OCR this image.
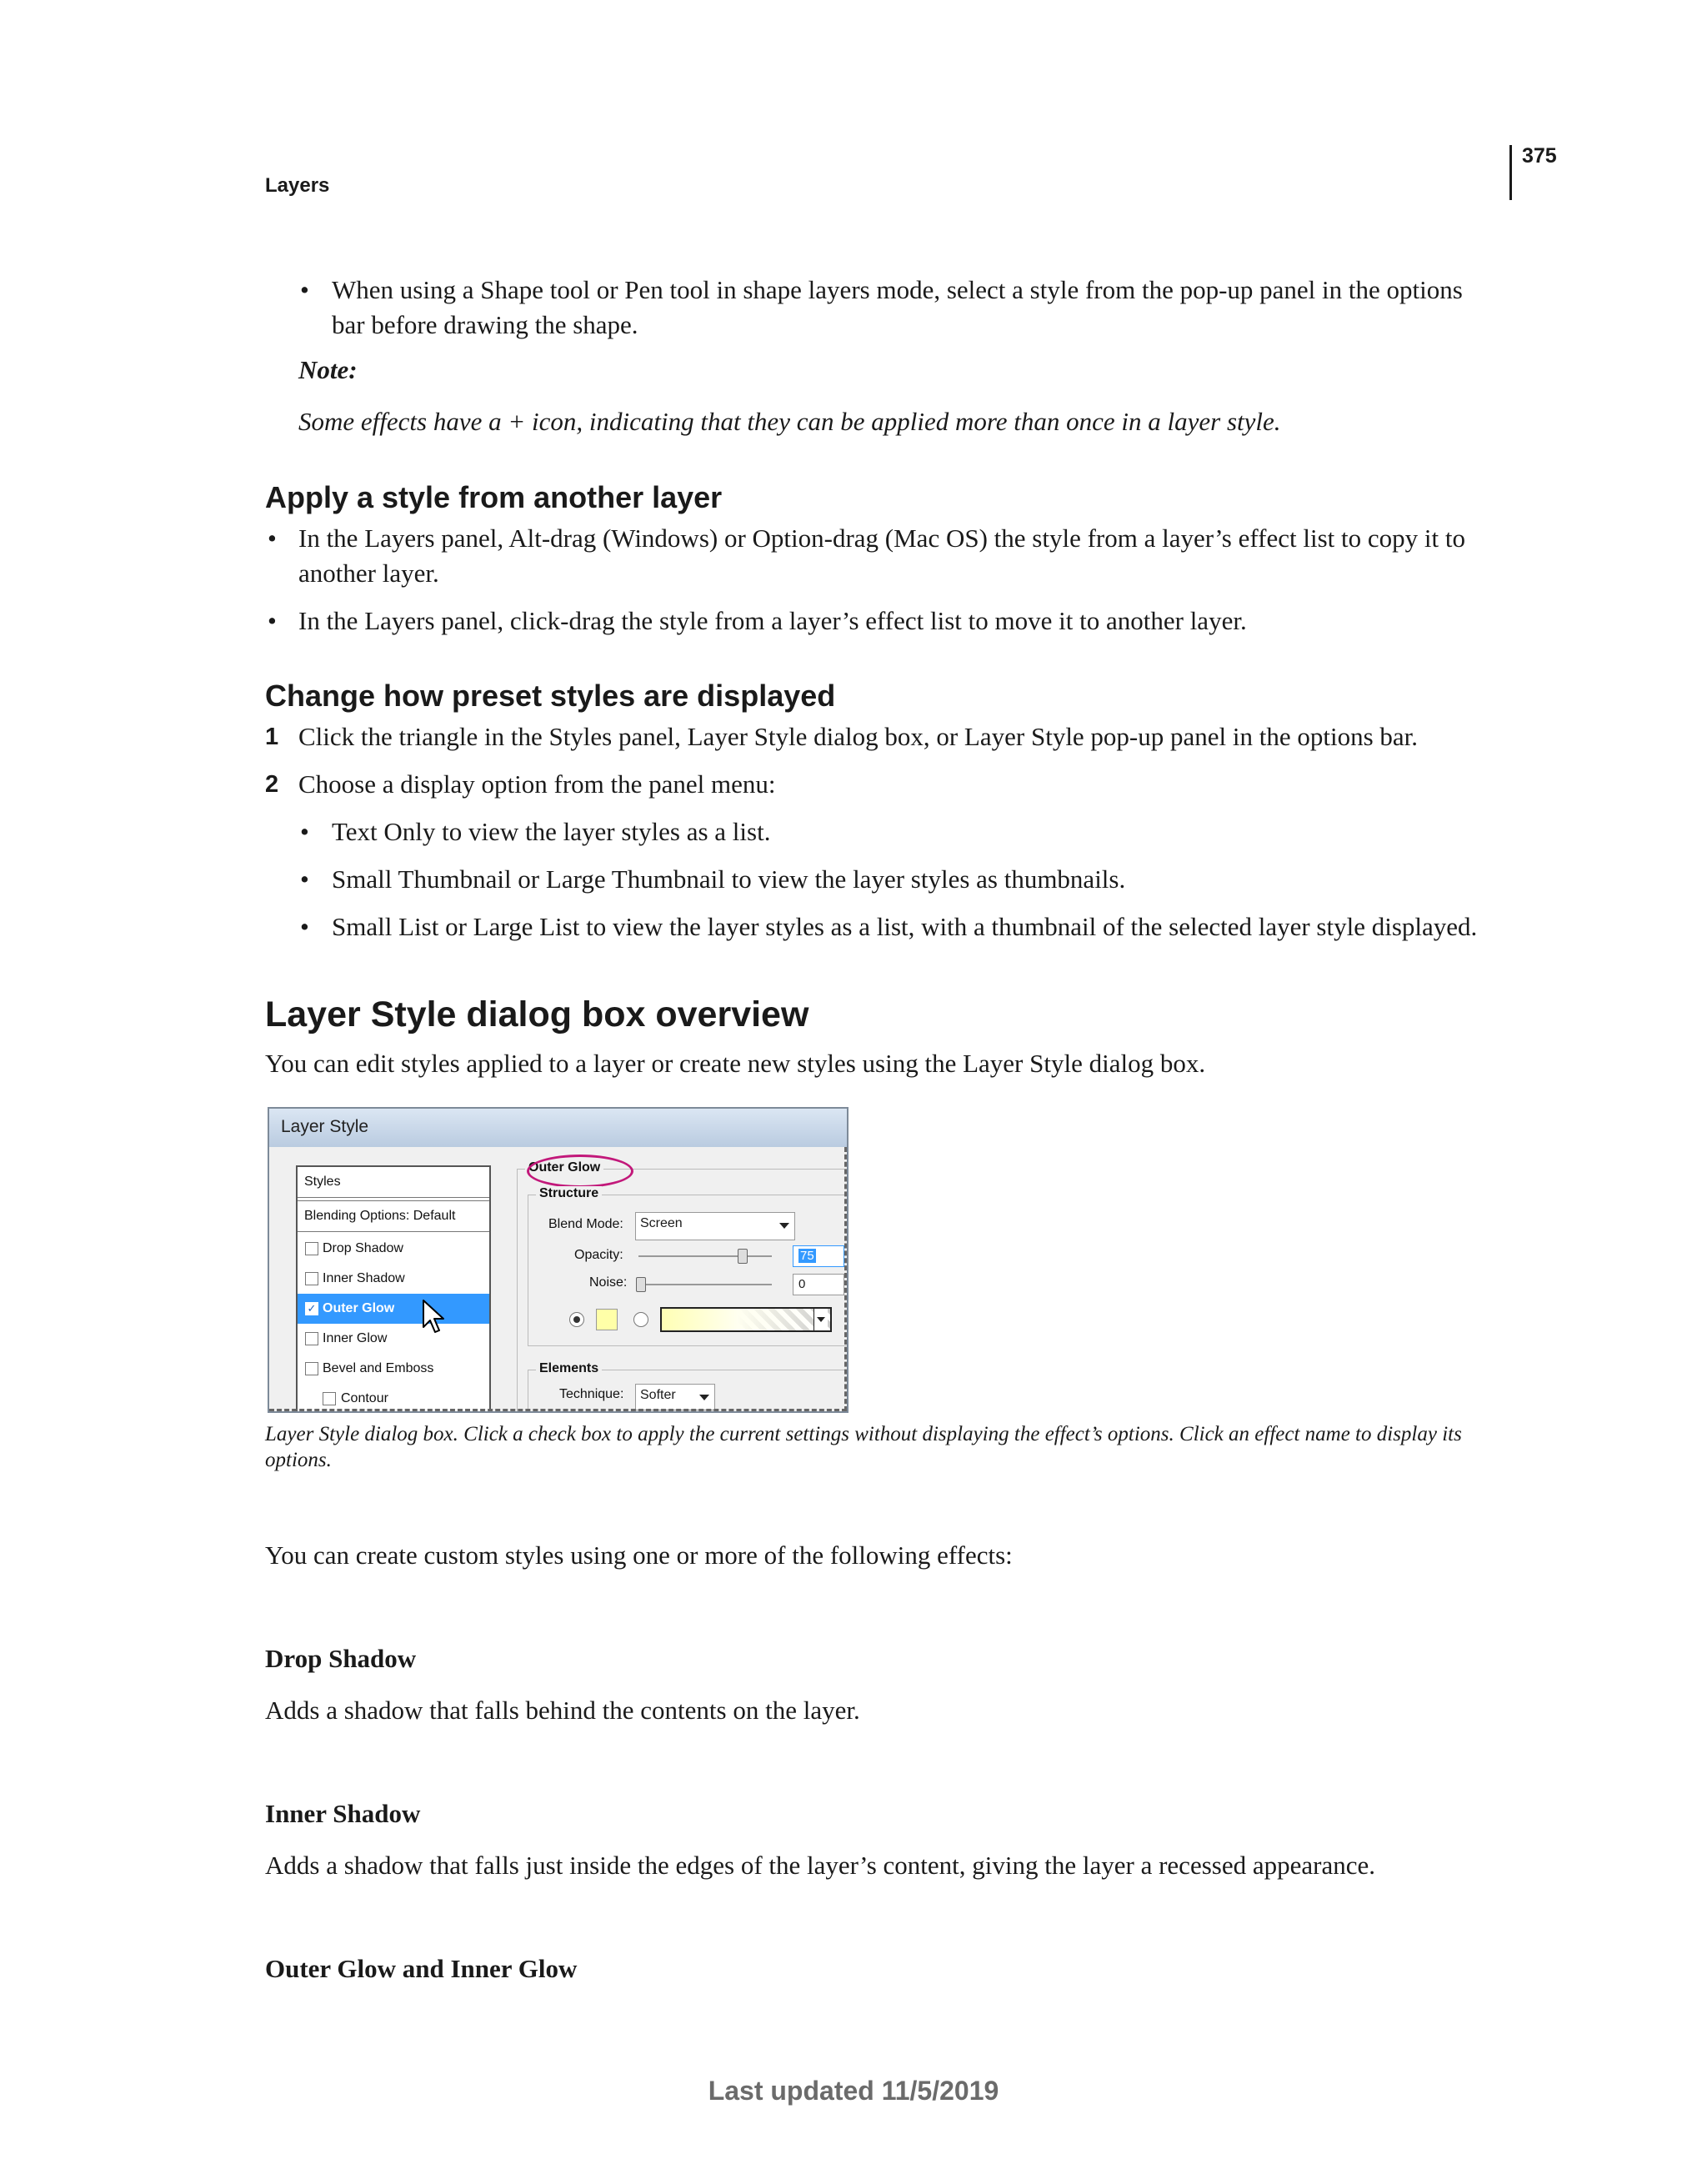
Layers
375
• When using a Shape tool or Pen tool in shape layers mode, select a style from the pop-up panel in the options
bar before drawing the shape.
Note:
Some effects have a + icon, indicating that they can be applied more than once in a layer style.
Apply a style from another layer
• In the Layers panel, Alt-drag (Windows) or Option-drag (Mac OS) the style from a layer’s effect list to copy it to
another layer.
• In the Layers panel, click-drag the style from a layer’s effect list to move it to another layer.
Change how preset styles are displayed
1 Click the triangle in the Styles panel, Layer Style dialog box, or Layer Style pop-up panel in the options bar.
2 Choose a display option from the panel menu:
• Text Only to view the layer styles as a list.
• Small Thumbnail or Large Thumbnail to view the layer styles as thumbnails.
• Small List or Large List to view the layer styles as a list, with a thumbnail of the selected layer style displayed.
Layer Style dialog box overview
You can edit styles applied to a layer or create new styles using the Layer Style dialog box.
Layer Style
Styles
Blending Options: Default
Drop Shadow
Inner Shadow
✓ Outer Glow
Inner Glow
Bevel and Emboss
Contour
Outer Glow
Structure
Blend Mode: Screen
Opacity:	75
Noise:	0
Elements
Technique: Softer
Layer Style dialog box. Click a check box to apply the current settings without displaying the effect’s options. Click an effect name to display its options.
You can create custom styles using one or more of the following effects:
Drop Shadow
Adds a shadow that falls behind the contents on the layer.
Inner Shadow
Adds a shadow that falls just inside the edges of the layer’s content, giving the layer a recessed appearance.
Outer Glow and Inner Glow
Last updated 11/5/2019
